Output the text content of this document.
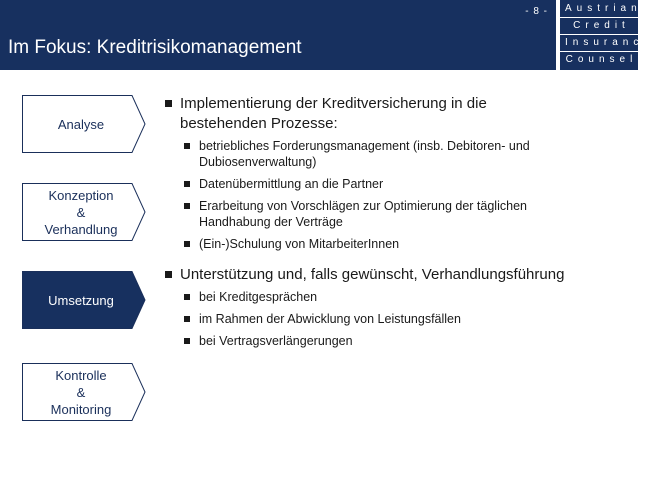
- 8 -
Im Fokus: Kreditrisikomanagement
Austrian
Credit
Insurance
Counsel
Analyse
Konzeption
&
Verhandlung
Umsetzung
Kontrolle
&
Monitoring
Implementierung der Kreditversicherung in die bestehenden Prozesse:
betriebliches Forderungsmanagement (insb. Debitoren- und Dubiosenverwaltung)
Datenübermittlung an die Partner
Erarbeitung von Vorschlägen zur Optimierung der täglichen Handhabung der Verträge
(Ein-)Schulung von MitarbeiterInnen
Unterstützung und, falls gewünscht, Verhandlungsführung
bei Kreditgesprächen
im Rahmen der Abwicklung von Leistungsfällen
bei Vertragsverlängerungen
